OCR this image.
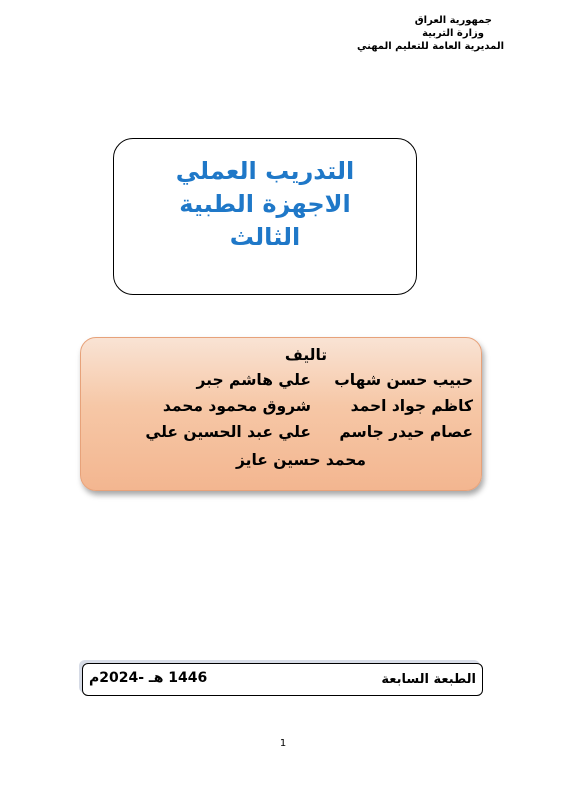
جمهورية العراق
وزارة التربية
المديرية العامة للتعليم المهني
التدريب العملي
الاجهزة الطبية
الثالث
تاليف
حبيب حسن شهاب
علي هاشم جبر
كاظم جواد احمد
شروق محمود محمد
عصام حيدر جاسم
علي عبد الحسين علي
محمد حسين عايز
الطبعة السابعة
1446 هـ -2024م
1
